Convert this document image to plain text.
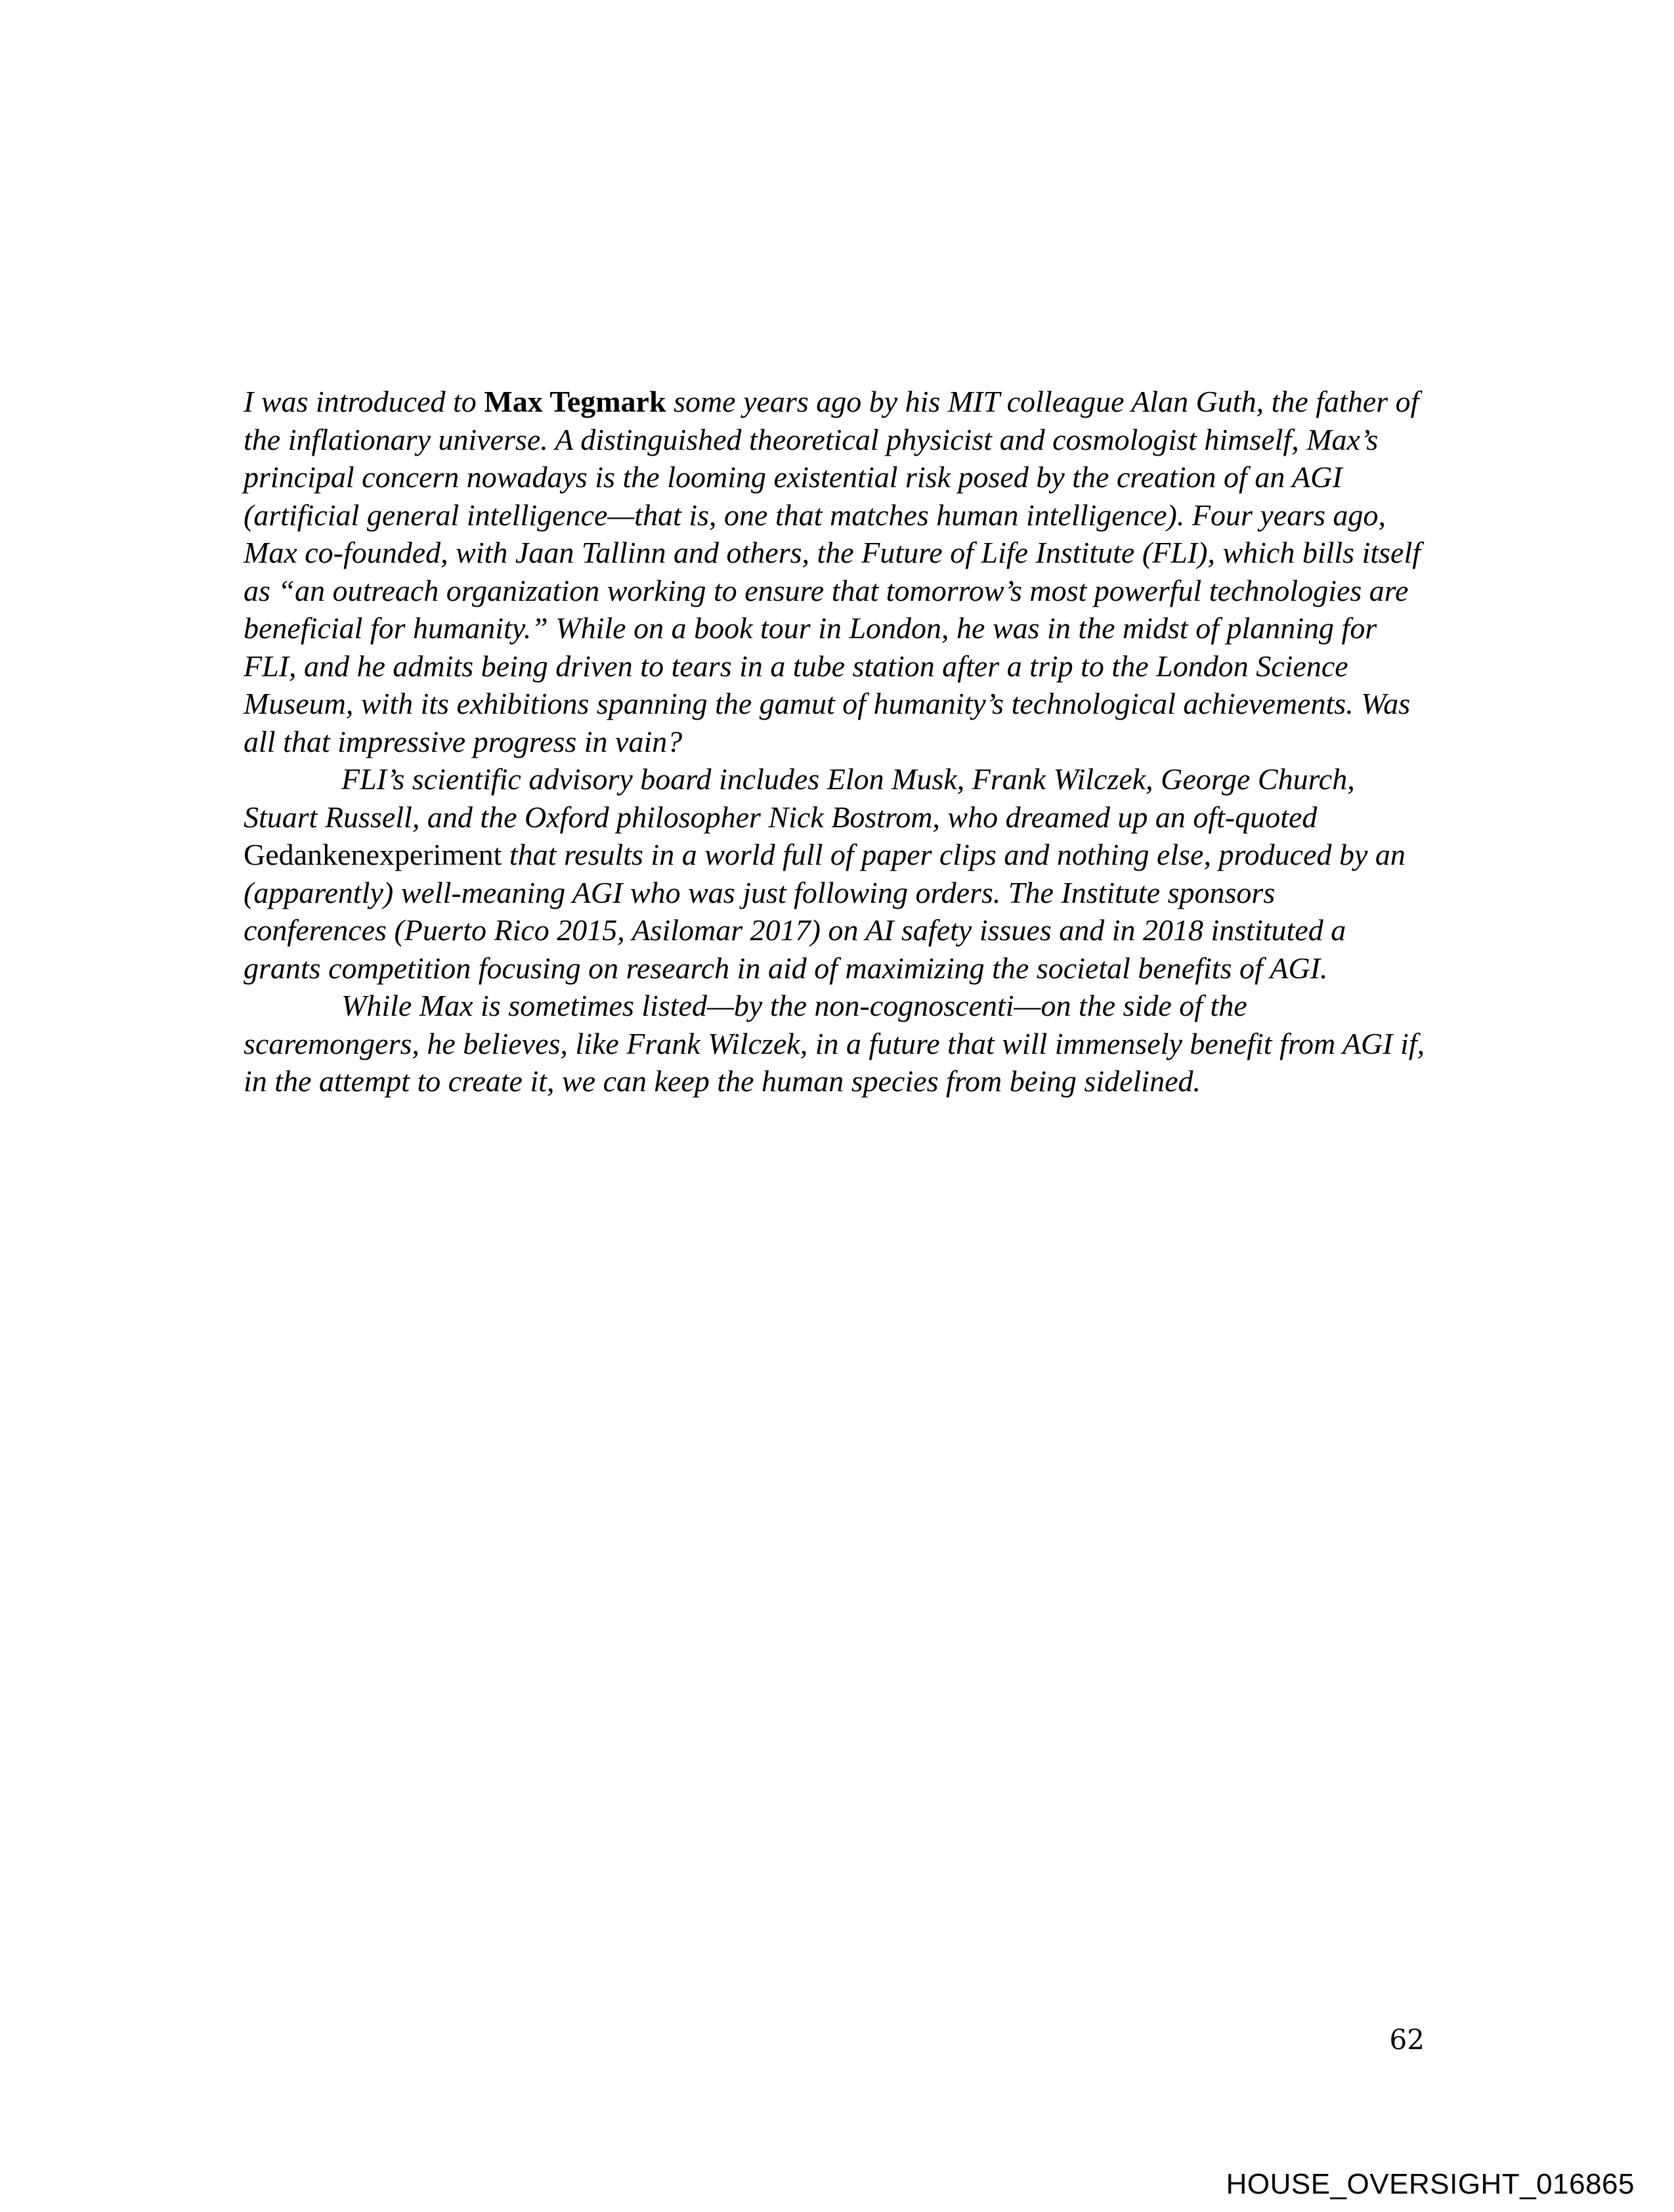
I was introduced to Max Tegmark some years ago by his MIT colleague Alan Guth, the father of the inflationary universe. A distinguished theoretical physicist and cosmologist himself, Max’s principal concern nowadays is the looming existential risk posed by the creation of an AGI (artificial general intelligence—that is, one that matches human intelligence). Four years ago, Max co-founded, with Jaan Tallinn and others, the Future of Life Institute (FLI), which bills itself as “an outreach organization working to ensure that tomorrow’s most powerful technologies are beneficial for humanity.” While on a book tour in London, he was in the midst of planning for FLI, and he admits being driven to tears in a tube station after a trip to the London Science Museum, with its exhibitions spanning the gamut of humanity’s technological achievements. Was all that impressive progress in vain?

FLI’s scientific advisory board includes Elon Musk, Frank Wilczek, George Church, Stuart Russell, and the Oxford philosopher Nick Bostrom, who dreamed up an oft-quoted Gedankenexperiment that results in a world full of paper clips and nothing else, produced by an (apparently) well-meaning AGI who was just following orders. The Institute sponsors conferences (Puerto Rico 2015, Asilomar 2017) on AI safety issues and in 2018 instituted a grants competition focusing on research in aid of maximizing the societal benefits of AGI.

While Max is sometimes listed—by the non-cognoscenti—on the side of the scaremongers, he believes, like Frank Wilczek, in a future that will immensely benefit from AGI if, in the attempt to create it, we can keep the human species from being sidelined.

62
HOUSE_OVERSIGHT_016865
